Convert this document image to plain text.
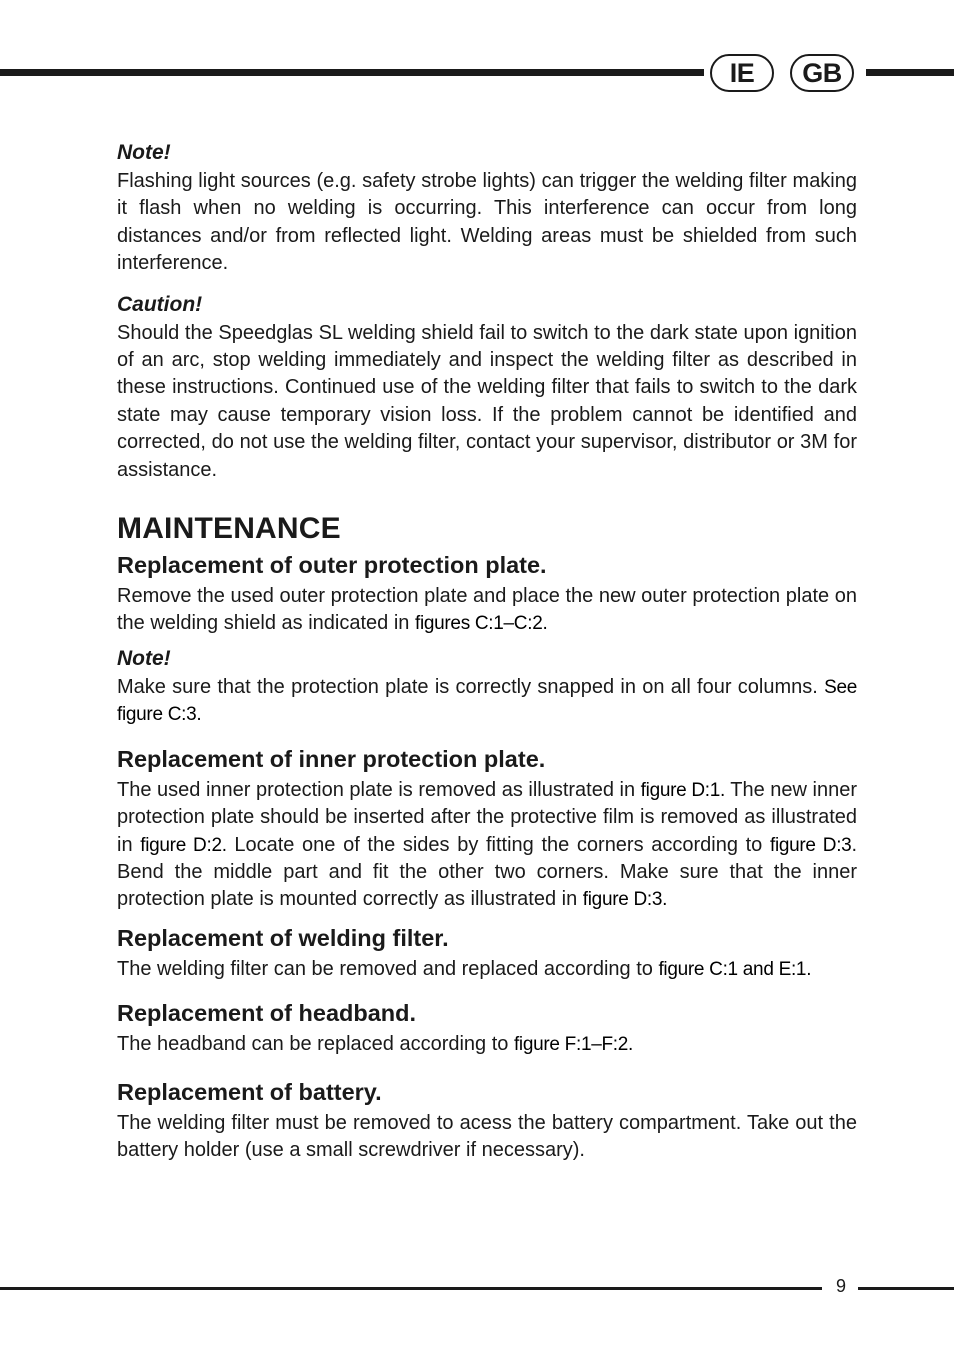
IE	GB
Note!

Flashing light sources (e.g. safety strobe lights) can trigger the welding filter making it flash when no welding is occurring. This interference can occur from long distances and/or from reflected light. Welding areas must be shielded from such interference.

Caution!

Should the Speedglas SL welding shield fail to switch to the dark state upon ignition of an arc, stop welding immediately and inspect the welding filter as described in these instructions. Continued use of the welding filter that fails to switch to the dark state may cause temporary vision loss. If the problem cannot be identified and corrected, do not use the welding filter, contact your supervisor, distributor or 3M for assistance.

MAINTENANCE
Replacement of outer protection plate.

Remove the used outer protection plate and place the new outer protection plate on the welding shield as indicated in figures C:1–C:2.

Note!

Make sure that the protection plate is correctly snapped in on all four columns. See figure C:3.

Replacement of inner protection plate.

The used inner protection plate is removed as illustrated in figure D:1. The new inner protection plate should be inserted after the protective film is removed as illustrated in figure D:2. Locate one of the sides by fitting the corners according to figure D:3. Bend the middle part and fit the other two corners. Make sure that the inner protection plate is mounted correctly as illustrated in figure D:3.

Replacement of welding filter.

The welding filter can be removed and replaced according to figure C:1 and E:1.

Replacement of headband.

The headband can be replaced according to figure F:1–F:2.

Replacement of battery.

The welding filter must be removed to acess the battery compartment. Take out the battery holder (use a small screwdriver if necessary).

9
